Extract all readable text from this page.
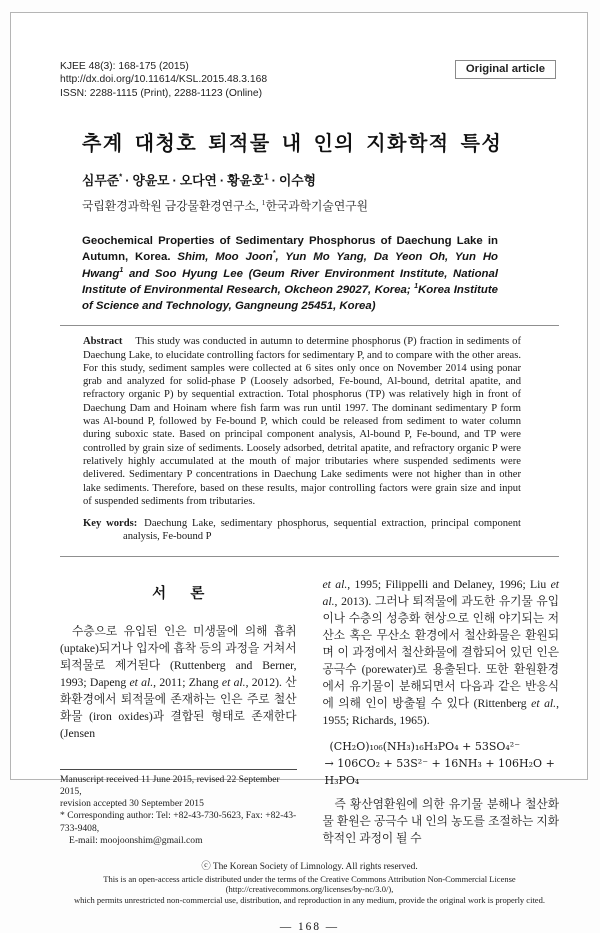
KJEE 48(3): 168-175 (2015)
http://dx.doi.org/10.11614/KSL.2015.48.3.168
ISSN: 2288-1115 (Print), 2288-1123 (Online)
Original article
추계 대청호 퇴적물 내 인의 지화학적 특성
심무준* · 양윤모 · 오다연 · 황윤호$^1$ · 이수형
국립환경과학원 금강물환경연구소, $^1$한국과학기술연구원
Geochemical Properties of Sedimentary Phosphorus of Daechung Lake in Autumn, Korea. Shim, Moo Joon*, Yun Mo Yang, Da Yeon Oh, Yun Ho Hwang$^1$ and Soo Hyung Lee (Geum River Environment Institute, National Institute of Environmental Research, Okcheon 29027, Korea; $^1$Korea Institute of Science and Technology, Gangneung 25451, Korea)
Abstract This study was conducted in autumn to determine phosphorus (P) fraction in sediments of Daechung Lake, to elucidate controlling factors for sedimentary P, and to compare with the other areas. For this study, sediment samples were collected at 6 sites only once on November 2014 using ponar grab and analyzed for solid-phase P (Loosely adsorbed, Fe-bound, Al-bound, detrital apatite, and refractory organic P) by sequential extraction. Total phosphorus (TP) was relatively high in front of Daechung Dam and Hoinam where fish farm was run until 1997. The dominant sedimentary P form was Al-bound P, followed by Fe-bound P, which could be released from sediment to water column during suboxic state. Based on principal component analysis, Al-bound P, Fe-bound, and TP were controlled by grain size of sediments. Loosely adsorbed, detrital apatite, and refractory organic P were relatively highly accumulated at the mouth of major tributaries where suspended sediments were delivered. Sedimentary P concentrations in Daechung Lake sediments were not higher than in other lake sediments. Therefore, based on these results, major controlling factors were grain size and input of suspended sediments from tributaries.
Key words: Daechung Lake, sedimentary phosphorus, sequential extraction, principal component analysis, Fe-bound P
서 론

수층으로 유입된 인은 미생물에 의해 흡취 (uptake)되거나 입자에 흡착 등의 과정을 거쳐서 퇴적물로 제거된다 (Ruttenberg and Berner, 1993; Dapeng et al., 2011; Zhang et al., 2012). 산화환경에서 퇴적물에 존재하는 인은 주로 철산화물 (iron oxides)과 결합된 형태로 존재한다 (Jensen

Manuscript received 11 June 2015, revised 22 September 2015,
revision accepted 30 September 2015
* Corresponding author: Tel: +82-43-730-5623, Fax: +82-43-733-9408,
E-mail: moojoonshim@gmail.com

et al., 1995; Filippelli and Delaney, 1996; Liu et al., 2013). 그러나 퇴적물에 과도한 유기물 유입이나 수층의 성층화 현상으로 인해 야기되는 저산소 혹은 무산소 환경에서 철산화물은 환원되며 이 과정에서 철산화물에 결합되어 있던 인은 공극수 (porewater)로 용출된다. 또한 환원환경에서 유기물이 분해되면서 다음과 같은 반응식에 의해 인이 방출될 수 있다 (Rittenberg et al., 1955; Richards, 1965).

(CH₂O)₁₀₆(NH₃)₁₆H₃PO₄ + 53SO₄²⁻
→ 106CO₂ + 53S²⁻ + 16NH₃ + 106H₂O + H₃PO₄

즉 황산염환원에 의한 유기물 분해나 철산화물 환원은 공극수 내 인의 농도를 조절하는 지화학적인 과정이 될 수

ⓒ The Korean Society of Limnology. All rights reserved.
This is an open-access article distributed under the terms of the Creative Commons Attribution Non-Commercial License (http://creativecommons.org/licenses/by-nc/3.0/),
which permits unrestricted non-commercial use, distribution, and reproduction in any medium, provide the original work is properly cited.
— 168 —
